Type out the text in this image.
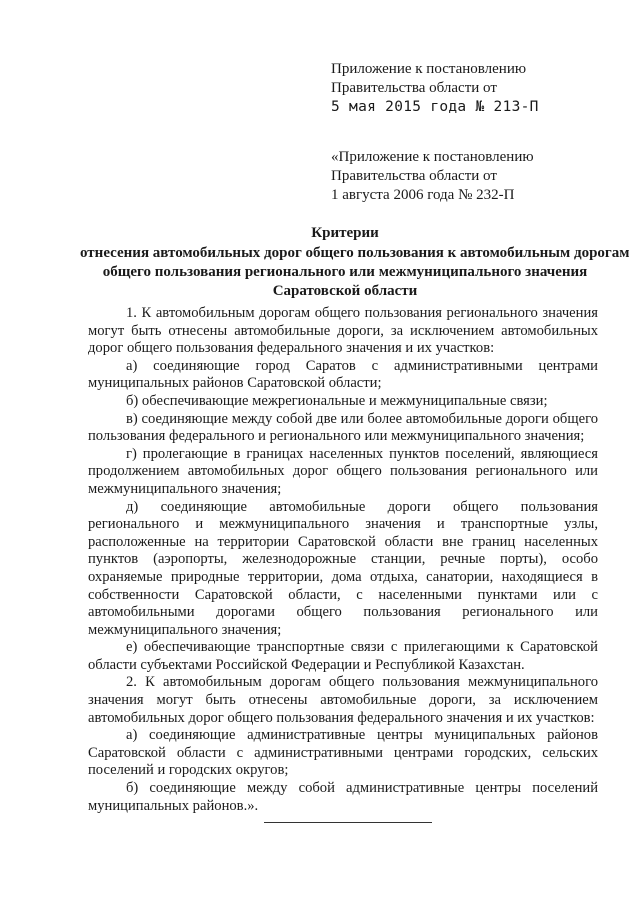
Приложение к постановлению
Правительства области от
5 мая 2015 года № 213-П
«Приложение к постановлению
Правительства области от
1 августа 2006 года № 232-П
Критерии
отнесения автомобильных дорог общего пользования к автомобильным дорогам
общего пользования регионального или межмуниципального значения
Саратовской области

1. К автомобильным дорогам общего пользования регионального значения могут быть отнесены автомобильные дороги, за исключением автомобильных дорог общего пользования федерального значения и их участков:

а) соединяющие город Саратов с административными центрами муниципальных районов Саратовской области;

б) обеспечивающие межрегиональные и межмуниципальные связи;

в) соединяющие между собой две или более автомобильные дороги общего пользования федерального и регионального или межмуниципального значения;

г) пролегающие в границах населенных пунктов поселений, являющиеся продолжением автомобильных дорог общего пользования регионального или межмуниципального значения;

д) соединяющие автомобильные дороги общего пользования регионального и межмуниципального значения и транспортные узлы, расположенные на территории Саратовской области вне границ населенных пунктов (аэропорты, железнодорожные станции, речные порты), особо охраняемые природные территории, дома отдыха, санатории, находящиеся в собственности Саратовской области, с населенными пунктами или с автомобильными дорогами общего пользования регионального или межмуниципального значения;

е) обеспечивающие транспортные связи с прилегающими к Саратовской области субъектами Российской Федерации и Республикой Казахстан.

2. К автомобильным дорогам общего пользования межмуниципального значения могут быть отнесены автомобильные дороги, за исключением автомобильных дорог общего пользования федерального значения и их участков:

а) соединяющие административные центры муниципальных районов Саратовской области с административными центрами городских, сельских поселений и городских округов;

б) соединяющие между собой административные центры поселений муниципальных районов.».
